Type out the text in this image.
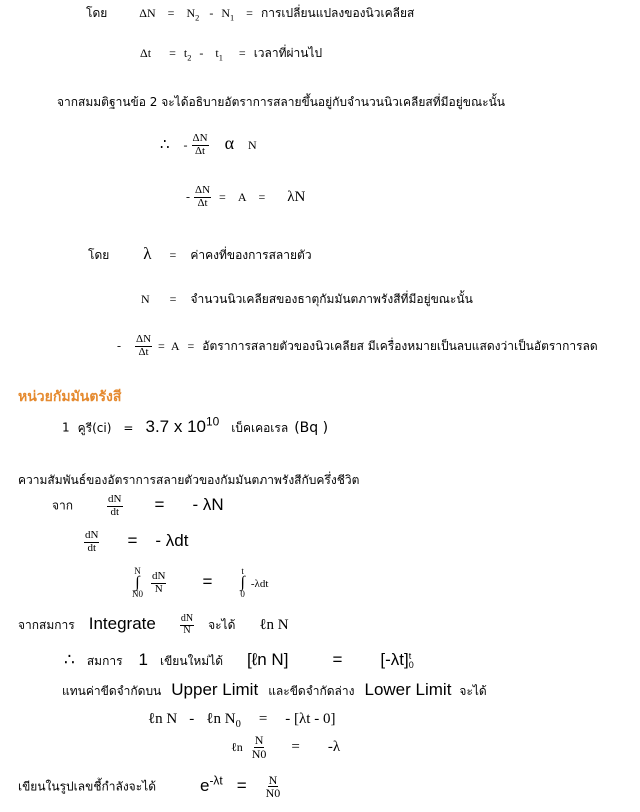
โดย	$\Delta N = N_2 - N_1$ = การเปลี่ยนแปลงของนิวเคลียส
$\Delta t = t_2 - t_1$ = เวลาที่ผ่านไป
จากสมมติฐานข้อ 2 จะได้อธิบายอัตราการสลายขึ้นอยู่กับจำนวนนิวเคลียสที่มีอยู่ขณะนั้น
∴ - $\frac{\Delta N}{\Delta t}$ α N
- $\frac{\Delta N}{\Delta t} = A = \lambda N$
โดย λ = ค่าคงที่ของการสลายตัว
N = จำนวนนิวเคลียสของธาตุกัมมันตภาพรังสีที่มีอยู่ขณะนั้น
- $\frac{\Delta N}{\Delta t} = A$ = อัตราการสลายตัวของนิวเคลียส มีเครื่องหมายเป็นลบแสดงว่าเป็นอัตราการลด
หน่วยกัมมันตรังสี
1 คูรี(ci) = 3.7 x $10^{10}$ เบ็คเคอเรล (Bq )
ความสัมพันธ์ของอัตราการสลายตัวของกัมมันตภาพรังสีกับครึ่งชีวิต
จาก	$\frac{dN}{dt}$ = - λN
$\frac{dN}{dt}$ = - λdt
N
∫
N0
$\frac{dN}{N}$ =
t
∫
0
-λdt
จากสมการ Integrate $\frac{dN}{N}$ จะได้ ℓn N
∴ สมการ 1 เขียนใหม่ได้ [ℓn N]	= [-λt] t
0
แทนค่าขีดจำกัดบน Upper Limit และขีดจำกัดล่าง Lower Limit จะได้
ℓn N - ℓn $N_0$ = - [λt - 0]
ℓn $\frac{N}{N0} = -\lambda$
เขียนในรูปเลขชี้กำลังจะได้	$e^{-\lambda t} = \frac{N}{N0}$
